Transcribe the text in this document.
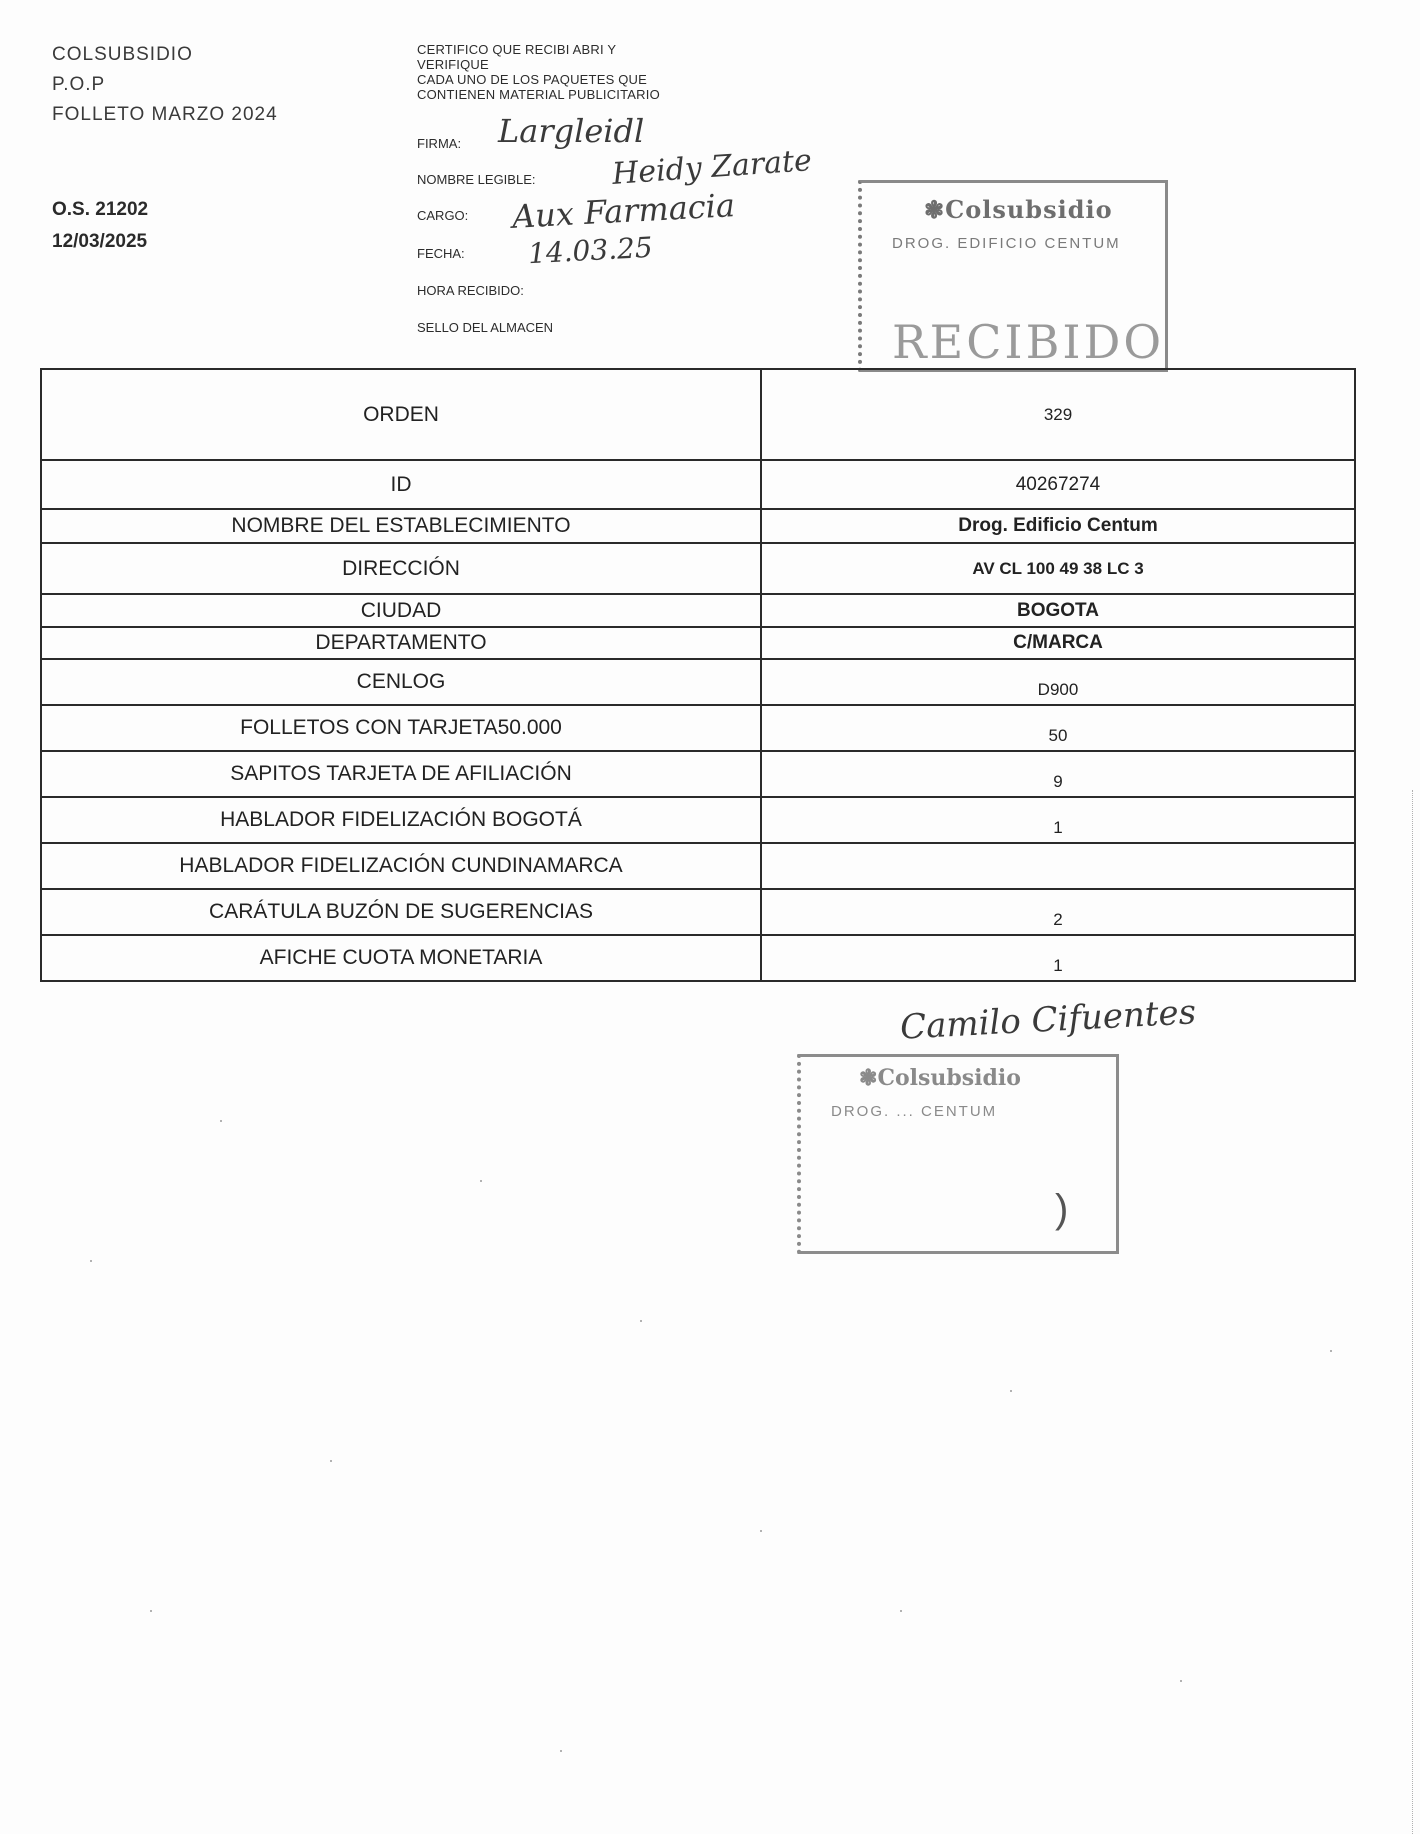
COLSUBSIDIO
P.O.P
FOLLETO MARZO 2024
O.S. 21202
12/03/2025
CERTIFICO QUE RECIBI ABRI Y
VERIFIQUE
CADA UNO DE LOS PAQUETES QUE
CONTIENEN MATERIAL PUBLICITARIO
FIRMA: Largleidl
NOMBRE LEGIBLE:	Heidy Zarate
CARGO: Aux Farmacia
FECHA: 14.03.25
HORA RECIBIDO:
SELLO DEL ALMACEN
❃Colsubsidio
DROG. EDIFICIO CENTUM
RECIBIDO
ORDEN	329
ID	40267274
NOMBRE DEL ESTABLECIMIENTO	Drog. Edificio Centum
DIRECCIÓN	AV CL 100 49 38 LC 3
CIUDAD	BOGOTA
DEPARTAMENTO	C/MARCA
CENLOG	D900
FOLLETOS CON TARJETA50.000	50
SAPITOS TARJETA DE AFILIACIÓN	9
HABLADOR FIDELIZACIÓN BOGOTÁ	1
HABLADOR FIDELIZACIÓN CUNDINAMARCA	
CARÁTULA BUZÓN DE SUGERENCIAS	2
AFICHE CUOTA MONETARIA	1
Camilo Cifuentes
❃Colsubsidio
DROG. ... CENTUM
)
